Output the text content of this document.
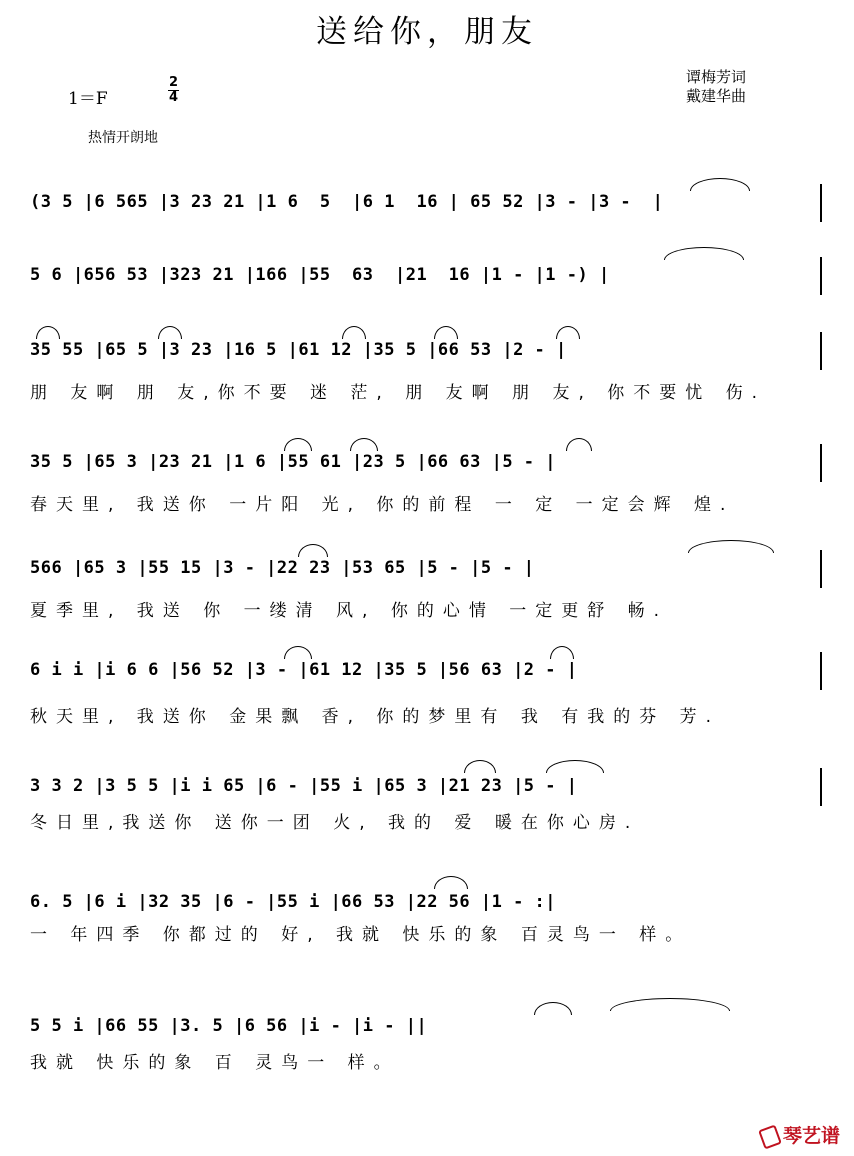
送给你，朋友
谭梅芳词
戴建华曲
1＝F
2
4
热情开朗地
(3 5 |6 565 |3 23 21 |1 6  5  |6 1  16 | 65 52 |3 - |3 -  |
5 6 |656 53 |323 21 |166 |55  63  |21  16 |1 - |1 -) |
35 55 |65 5 |3 23 |16 5 |61 12 |35 5 |66 53 |2 - |
朋 友啊 朋 友,你不要 迷 茫, 朋 友啊 朋 友, 你不要忧 伤.
35 5 |65 3 |23 21 |1 6 |55 61 |23 5 |66 63 |5 - |
春天里, 我送你 一片阳 光, 你的前程 一 定 一定会辉 煌.
566 |65 3 |55 15 |3 - |22 23 |53 65 |5 - |5 - |
夏季里, 我送 你 一缕清 风, 你的心情 一定更舒 畅.
6 i i |i 6 6 |56 52 |3 - |61 12 |35 5 |56 63 |2 - |
秋天里, 我送你 金果飘 香, 你的梦里有 我 有我的芬 芳.
3 3 2 |3 5 5 |i i 65 |6 - |55 i |65 3 |21 23 |5 - |
冬日里,我送你 送你一团 火, 我的 爱 暖在你心房.
6. 5 |6 i |32 35 |6 - |55 i |66 53 |22 56 |1 - :|
一 年四季 你都过的 好, 我就 快乐的象 百灵鸟一 样。
5 5 i |66 55 |3. 5 |6 56 |i - |i - ||
我就 快乐的象 百 灵鸟一 样。
琴艺谱
